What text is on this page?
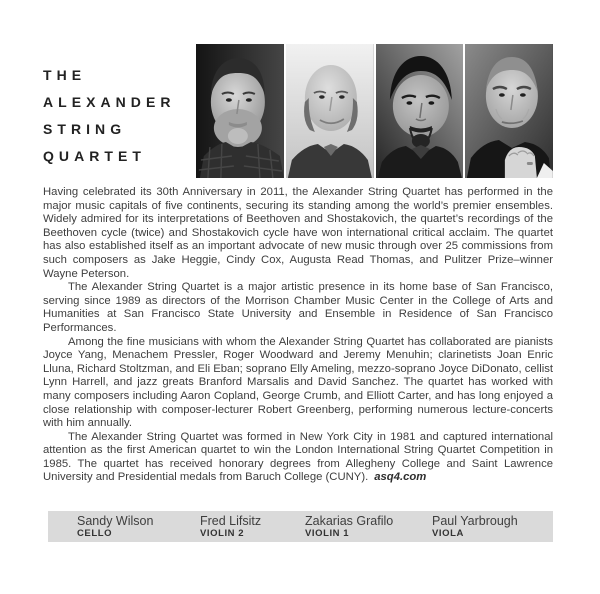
THE
ALEXANDER
STRING
QUARTET

Having celebrated its 30th Anniversary in 2011, the Alexander String Quartet has performed in the major music capitals of five continents, securing its standing among the world’s premier ensembles. Widely admired for its interpretations of Beethoven and Shostakovich, the quartet’s recordings of the Beethoven cycle (twice) and Shostakovich cycle have won international critical acclaim. The quartet has also established itself as an important advocate of new music through over 25 commissions from such composers as Jake Heggie, Cindy Cox, Augusta Read Thomas, and Pulitzer Prize–winner Wayne Peterson.

The Alexander String Quartet is a major artistic presence in its home base of San Francisco, serving since 1989 as directors of the Morrison Chamber Music Center in the College of Arts and Humanities at San Francisco State University and Ensemble in Residence of San Francisco Performances.

Among the fine musicians with whom the Alexander String Quartet has collaborated are pianists Joyce Yang, Menachem Pressler, Roger Woodward and Jeremy Menuhin; clarinetists Joan Enric Lluna, Richard Stoltzman, and Eli Eban; soprano Elly Ameling, mezzo-soprano Joyce DiDonato, cellist Lynn Harrell, and jazz greats Branford Marsalis and David Sanchez. The quartet has worked with many composers including Aaron Copland, George Crumb, and Elliott Carter, and has long enjoyed a close relationship with composer-lecturer Robert Greenberg, performing numerous lecture-concerts with him annually.

The Alexander String Quartet was formed in New York City in 1981 and captured international attention as the first American quartet to win the London International String Quartet Competition in 1985. The quartet has received honorary degrees from Allegheny College and Saint Lawrence University and Presidential medals from Baruch College (CUNY). asq4.com

Sandy Wilson
CELLO
Fred Lifsitz
VIOLIN 2
Zakarias Grafilo
VIOLIN 1
Paul Yarbrough
VIOLA
